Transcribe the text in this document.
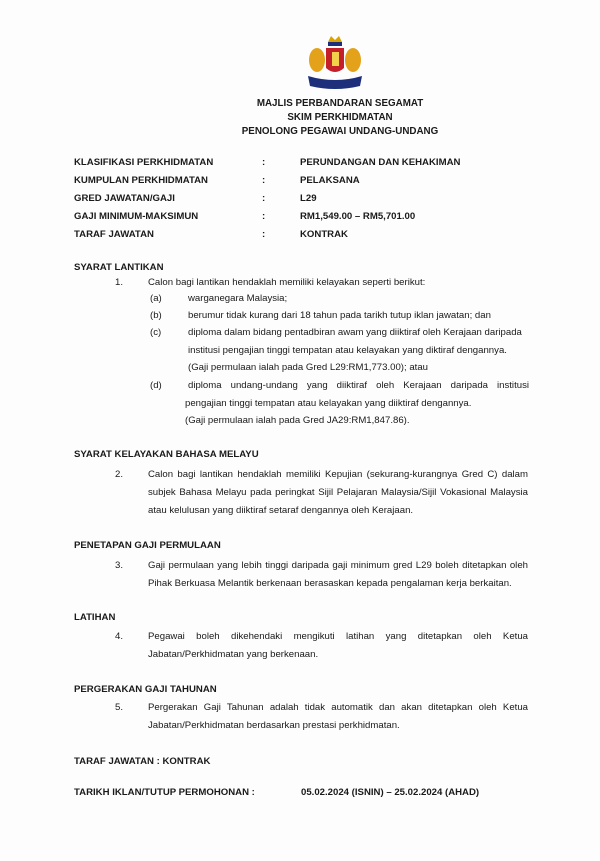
MAJLIS PERBANDARAN SEGAMAT
SKIM PERKHIDMATAN
PENOLONG PEGAWAI UNDANG-UNDANG
KLASIFIKASI PERKHIDMATAN	:	PERUNDANGAN DAN KEHAKIMAN
KUMPULAN PERKHIDMATAN	:	PELAKSANA
GRED JAWATAN/GAJI	:	L29
GAJI MINIMUM-MAKSIMUN	:	RM1,549.00 – RM5,701.00
TARAF JAWATAN	:	KONTRAK
SYARAT LANTIKAN
1.	Calon bagi lantikan hendaklah memiliki kelayakan seperti berikut:
(a)	warganegara Malaysia;
(b)	berumur tidak kurang dari 18 tahun pada tarikh tutup iklan jawatan; dan
(c)	diploma dalam bidang pentadbiran awam yang diiktiraf oleh Kerajaan daripada
institusi pengajian tinggi tempatan atau kelayakan yang diktiraf dengannya.
(Gaji permulaan ialah pada Gred L29:RM1,773.00); atau
(d)	diploma undang-undang yang diiktiraf oleh Kerajaan daripada institusi
pengajian tinggi tempatan atau kelayakan yang diiktiraf dengannya.
(Gaji permulaan ialah pada Gred JA29:RM1,847.86).
SYARAT KELAYAKAN BAHASA MELAYU
2.	Calon bagi lantikan hendaklah memiliki Kepujian (sekurang-kurangnya Gred C) dalam
subjek Bahasa Melayu pada peringkat Sijil Pelajaran Malaysia/Sijil Vokasional Malaysia
atau kelulusan yang diiktiraf setaraf dengannya oleh Kerajaan.
PENETAPAN GAJI PERMULAAN
3.	Gaji permulaan yang lebih tinggi daripada gaji minimum gred L29 boleh ditetapkan oleh
Pihak Berkuasa Melantik berkenaan berasaskan kepada pengalaman kerja berkaitan.
LATIHAN
4.	Pegawai boleh dikehendaki mengikuti latihan yang ditetapkan oleh Ketua
Jabatan/Perkhidmatan yang berkenaan.
PERGERAKAN GAJI TAHUNAN
5.	Pergerakan Gaji Tahunan adalah tidak automatik dan akan ditetapkan oleh Ketua
Jabatan/Perkhidmatan berdasarkan prestasi perkhidmatan.
TARAF JAWATAN : KONTRAK
TARIKH IKLAN/TUTUP PERMOHONAN :	05.02.2024 (ISNIN) – 25.02.2024 (AHAD)
